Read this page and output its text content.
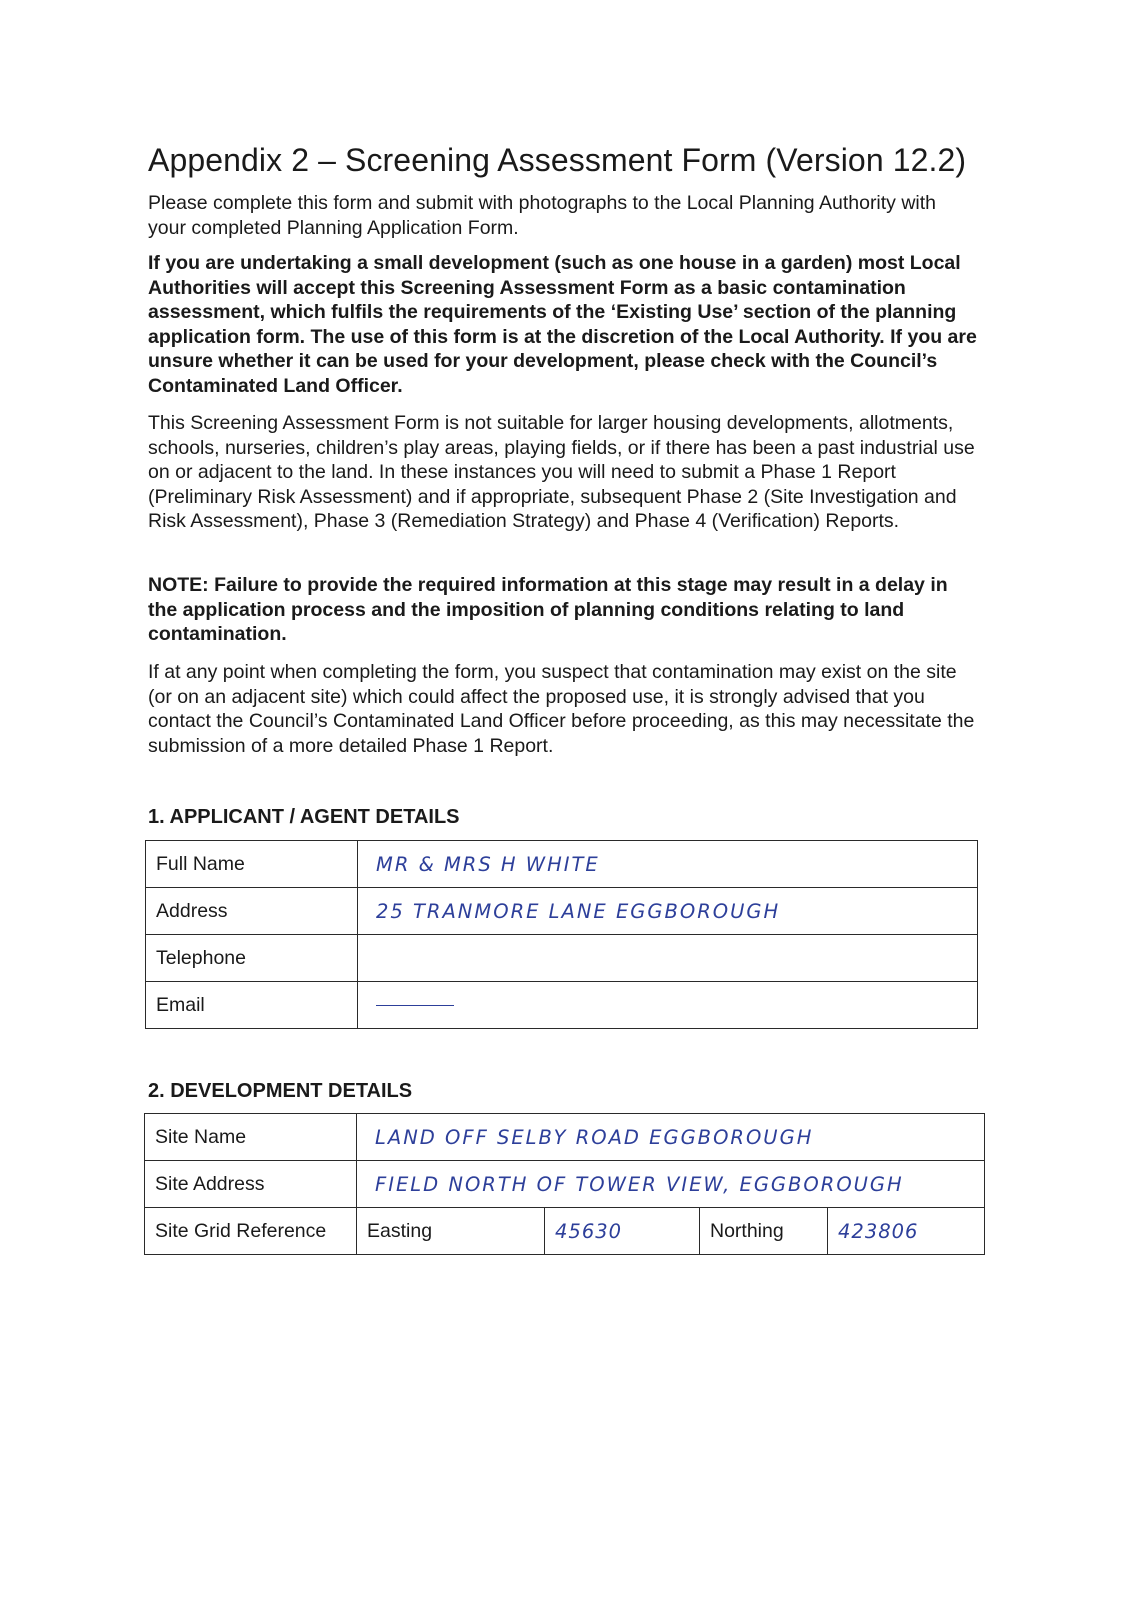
Appendix 2 – Screening Assessment Form (Version 12.2)

Please complete this form and submit with photographs to the Local Planning Authority with your completed Planning Application Form.

If you are undertaking a small development (such as one house in a garden) most Local Authorities will accept this Screening Assessment Form as a basic contamination assessment, which fulfils the requirements of the ‘Existing Use’ section of the planning application form. The use of this form is at the discretion of the Local Authority. If you are unsure whether it can be used for your development, please check with the Council’s Contaminated Land Officer.

This Screening Assessment Form is not suitable for larger housing developments, allotments, schools, nurseries, children’s play areas, playing fields, or if there has been a past industrial use on or adjacent to the land. In these instances you will need to submit a Phase 1 Report (Preliminary Risk Assessment) and if appropriate, subsequent Phase 2 (Site Investigation and Risk Assessment), Phase 3 (Remediation Strategy) and Phase 4 (Verification) Reports.

NOTE: Failure to provide the required information at this stage may result in a delay in the application process and the imposition of planning conditions relating to land contamination.

If at any point when completing the form, you suspect that contamination may exist on the site (or on an adjacent site) which could affect the proposed use, it is strongly advised that you contact the Council’s Contaminated Land Officer before proceeding, as this may necessitate the submission of a more detailed Phase 1 Report.

1. APPLICANT / AGENT DETAILS
Full Name	MR & MRS H WHITE
Address	25 TRANMORE LANE EGGBOROUGH
Telephone	
Email	
2. DEVELOPMENT DETAILS
Site Name	LAND OFF SELBY ROAD EGGBOROUGH			
Site Address	FIELD NORTH OF TOWER VIEW, EGGBOROUGH			
Site Grid Reference	Easting	45630	Northing	423806
